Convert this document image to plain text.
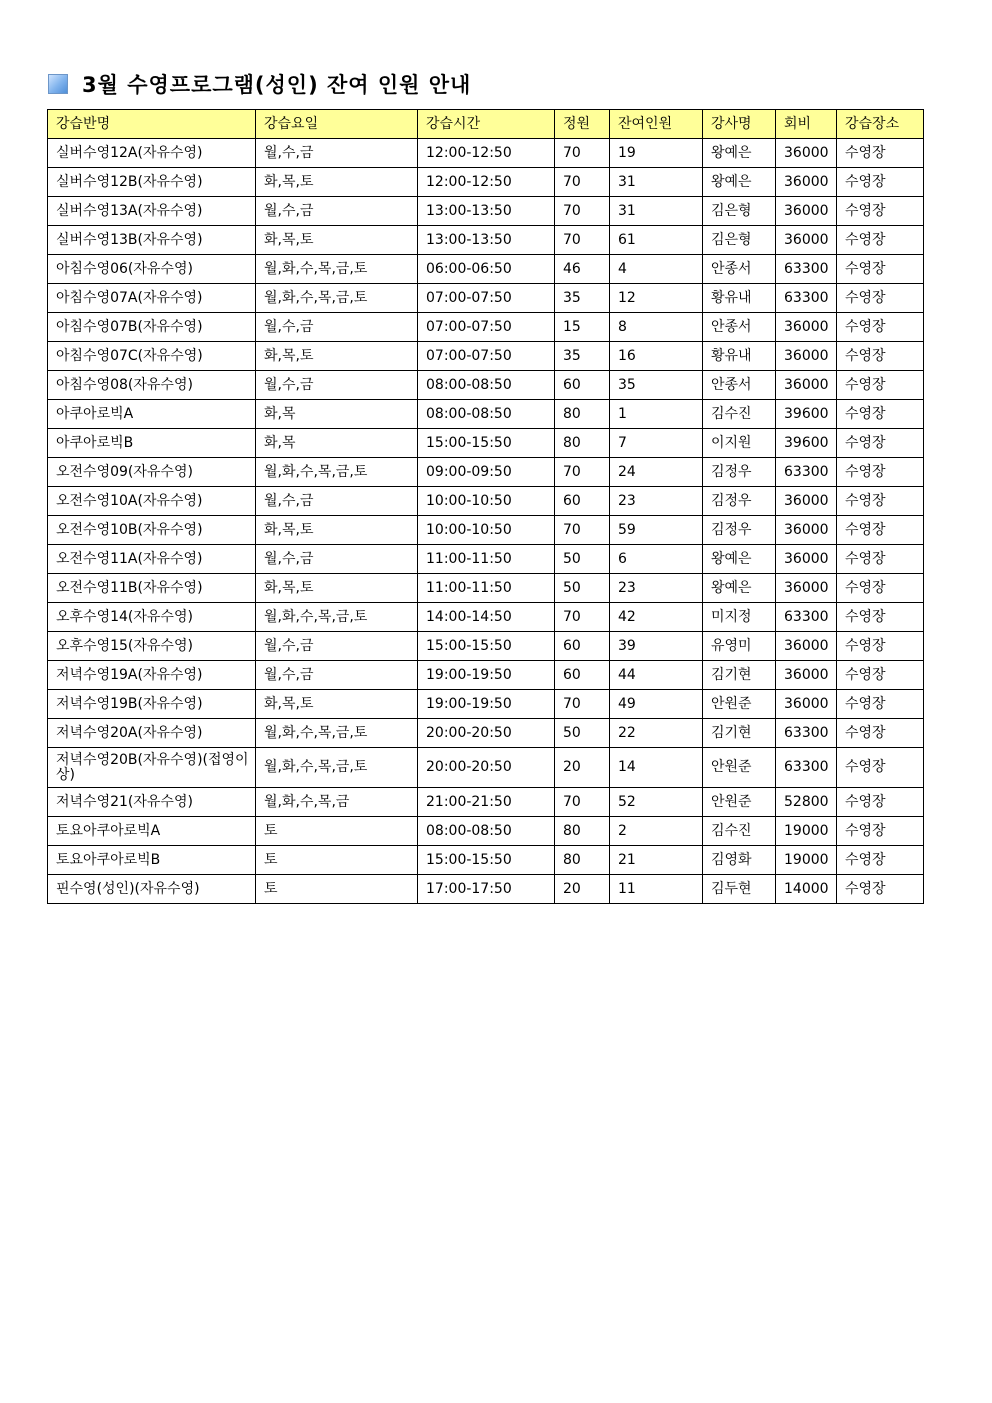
3월 수영프로그램(성인) 잔여 인원 안내
강습반명	강습요일	강습시간	정원	잔여인원	강사명	회비	강습장소
실버수영12A(자유수영)	월,수,금	12:00-12:50	70	19	왕예은	36000	수영장
실버수영12B(자유수영)	화,목,토	12:00-12:50	70	31	왕예은	36000	수영장
실버수영13A(자유수영)	월,수,금	13:00-13:50	70	31	김은형	36000	수영장
실버수영13B(자유수영)	화,목,토	13:00-13:50	70	61	김은형	36000	수영장
아침수영06(자유수영)	월,화,수,목,금,토	06:00-06:50	46	4	안종서	63300	수영장
아침수영07A(자유수영)	월,화,수,목,금,토	07:00-07:50	35	12	황유내	63300	수영장
아침수영07B(자유수영)	월,수,금	07:00-07:50	15	8	안종서	36000	수영장
아침수영07C(자유수영)	화,목,토	07:00-07:50	35	16	황유내	36000	수영장
아침수영08(자유수영)	월,수,금	08:00-08:50	60	35	안종서	36000	수영장
아쿠아로빅A	화,목	08:00-08:50	80	1	김수진	39600	수영장
아쿠아로빅B	화,목	15:00-15:50	80	7	이지원	39600	수영장
오전수영09(자유수영)	월,화,수,목,금,토	09:00-09:50	70	24	김정우	63300	수영장
오전수영10A(자유수영)	월,수,금	10:00-10:50	60	23	김정우	36000	수영장
오전수영10B(자유수영)	화,목,토	10:00-10:50	70	59	김정우	36000	수영장
오전수영11A(자유수영)	월,수,금	11:00-11:50	50	6	왕예은	36000	수영장
오전수영11B(자유수영)	화,목,토	11:00-11:50	50	23	왕예은	36000	수영장
오후수영14(자유수영)	월,화,수,목,금,토	14:00-14:50	70	42	미지정	63300	수영장
오후수영15(자유수영)	월,수,금	15:00-15:50	60	39	유영미	36000	수영장
저녁수영19A(자유수영)	월,수,금	19:00-19:50	60	44	김기현	36000	수영장
저녁수영19B(자유수영)	화,목,토	19:00-19:50	70	49	안원준	36000	수영장
저녁수영20A(자유수영)	월,화,수,목,금,토	20:00-20:50	50	22	김기현	63300	수영장
저녁수영20B(자유수영)(접영이상)	월,화,수,목,금,토	20:00-20:50	20	14	안원준	63300	수영장
저녁수영21(자유수영)	월,화,수,목,금	21:00-21:50	70	52	안원준	52800	수영장
토요아쿠아로빅A	토	08:00-08:50	80	2	김수진	19000	수영장
토요아쿠아로빅B	토	15:00-15:50	80	21	김영화	19000	수영장
핀수영(성인)(자유수영)	토	17:00-17:50	20	11	김두현	14000	수영장
